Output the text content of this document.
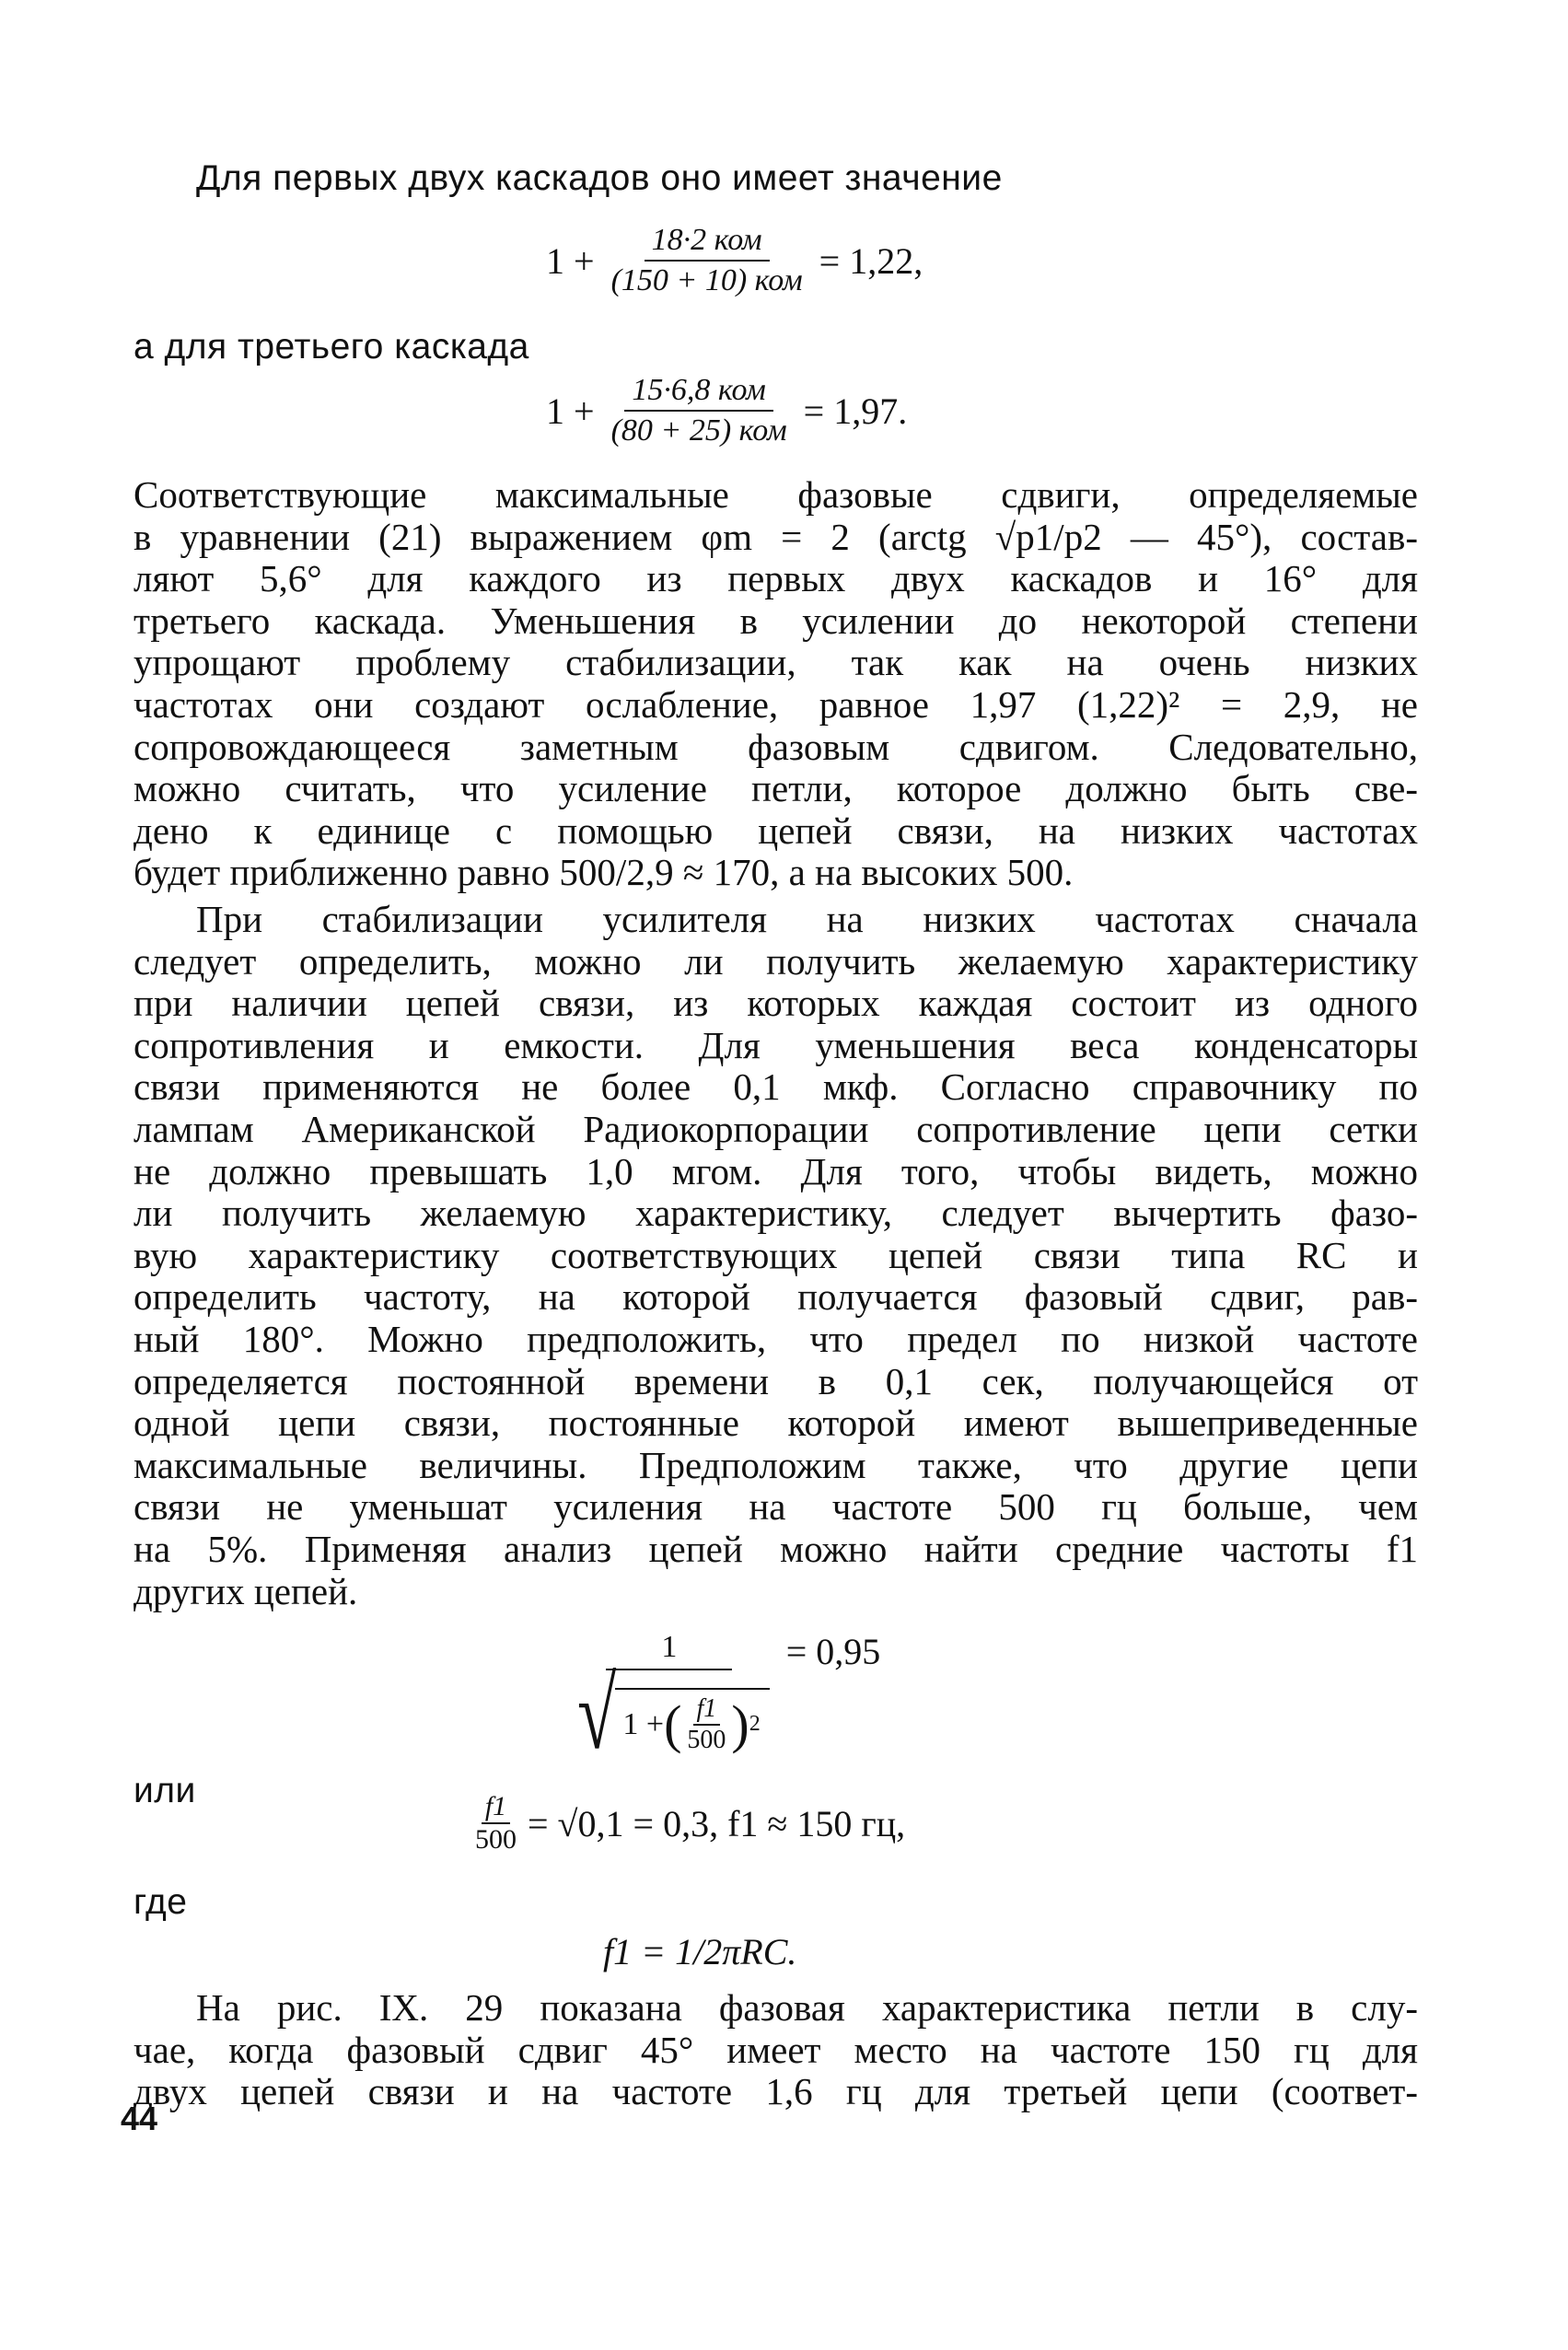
Для первых двух каскадов оно имеет значение
$1 + \frac{\text{18·2 ком}}{\text{(150 + 10) ком}} = 1,22$,
а для третьего каскада
$1 + \frac{\text{15·6,8 ком}}{\text{(80 + 25) ком}} = 1,97$.
Соответствующие максимальные фазовые сдвиги, определяемые
в уравнении (21) выражением φm = 2 (arctg √p1/p2 — 45°), состав-
ляют 5,6° для каждого из первых двух каскадов и 16° для
третьего каскада. Уменьшения в усилении до некоторой степени
упрощают проблему стабилизации, так как на очень низких
частотах они создают ослабление, равное 1,97 (1,22)² = 2,9, не
сопровождающееся заметным фазовым сдвигом. Следовательно,
можно считать, что усиление петли, которое должно быть све-
дено к единице с помощью цепей связи, на низких частотах
будет приближенно равно 500/2,9 ≈ 170, а на высоких 500.
При стабилизации усилителя на низких частотах сначала
следует определить, можно ли получить желаемую характеристику
при наличии цепей связи, из которых каждая состоит из одного
сопротивления и емкости. Для уменьшения веса конденсаторы
связи применяются не более 0,1 мкф. Согласно справочнику по
лампам Американской Радиокорпорации сопротивление цепи сетки
не должно превышать 1,0 мгом. Для того, чтобы видеть, можно
ли получить желаемую характеристику, следует вычертить фазо-
вую характеристику соответствующих цепей связи типа RC и
определить частоту, на которой получается фазовый сдвиг, рав-
ный 180°. Можно предположить, что предел по низкой частоте
определяется постоянной времени в 0,1 сек, получающейся от
одной цепи связи, постоянные которой имеют вышеприведенные
максимальные величины. Предположим также, что другие цепи
связи не уменьшат усиления на частоте 500 гц больше, чем
на 5%. Применяя анализ цепей можно найти средние частоты f1
других цепей.
1
√ 1 + ( $\frac{f1}{500}$ ) 2
= 0,95
или
$\frac{f1}{500} = √0,1 = 0,3$, f1 ≈ 150 гц,
где
f1 = 1/2πRC.
На рис. IX. 29 показана фазовая характеристика петли в слу-
чае, когда фазовый сдвиг 45° имеет место на частоте 150 гц для
двух цепей связи и на частоте 1,6 гц для третьей цепи (соответ-
44
